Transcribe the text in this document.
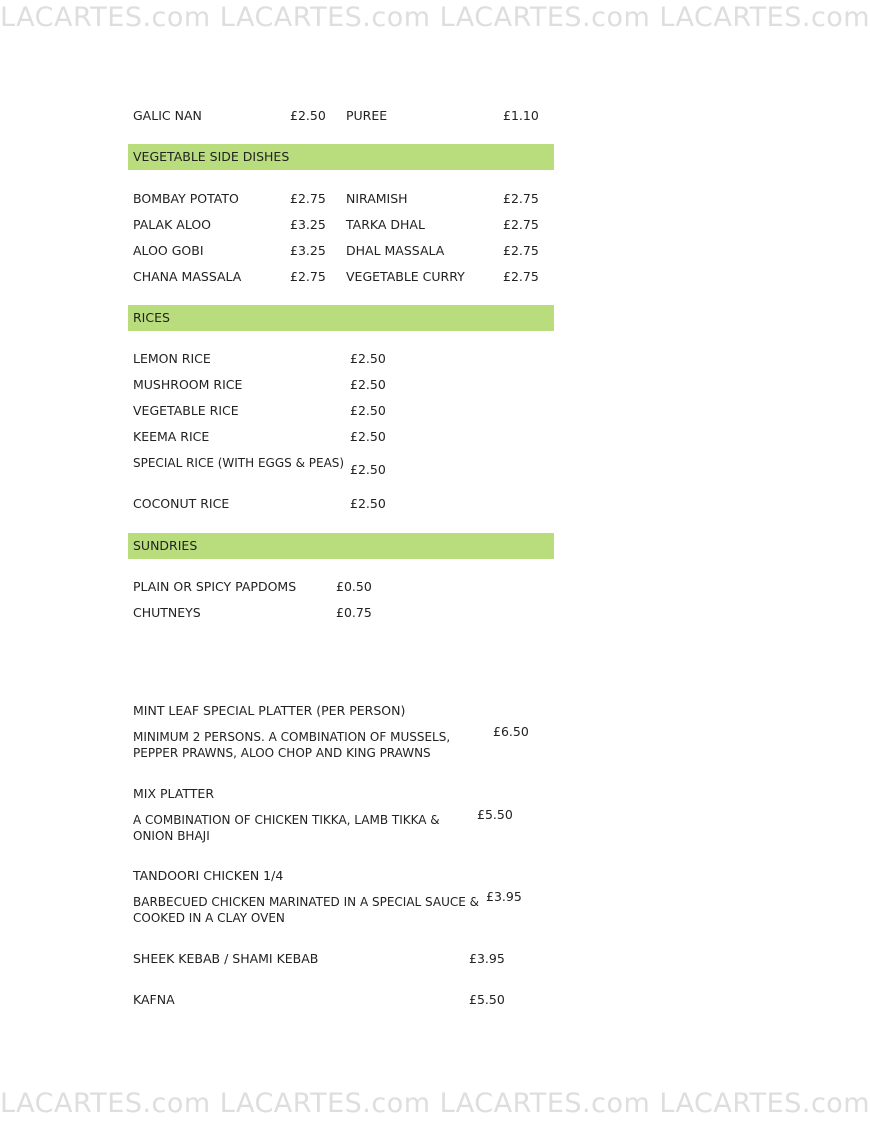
LACARTES.com LACARTES.com LACARTES.com LACARTES.com
LACARTES.com LACARTES.com LACARTES.com LACARTES.com
GALIC NAN	£2.50 PUREE	£1.10
VEGETABLE SIDE DISHES
BOMBAY POTATO	£2.75 NIRAMISH	£2.75
PALAK ALOO	£3.25 TARKA DHAL	£2.75
ALOO GOBI	£3.25 DHAL MASSALA	£2.75
CHANA MASSALA	£2.75 VEGETABLE CURRY	£2.75
RICES
LEMON RICE	£2.50
MUSHROOM RICE	£2.50
VEGETABLE RICE	£2.50
KEEMA RICE	£2.50
SPECIAL RICE (WITH EGGS & PEAS) £2.50
COCONUT RICE	£2.50
SUNDRIES
PLAIN OR SPICY PAPDOMS	£0.50
CHUTNEYS	£0.75
MINT LEAF SPECIAL PLATTER (PER PERSON)
MINIMUM 2 PERSONS. A COMBINATION OF MUSSELS,
PEPPER PRAWNS, ALOO CHOP AND KING PRAWNS
£6.50
MIX PLATTER
A COMBINATION OF CHICKEN TIKKA, LAMB TIKKA &
ONION BHAJI
£5.50
TANDOORI CHICKEN 1/4
BARBECUED CHICKEN MARINATED IN A SPECIAL SAUCE &
COOKED IN A CLAY OVEN
£3.95
SHEEK KEBAB / SHAMI KEBAB	£3.95
KAFNA	£5.50
